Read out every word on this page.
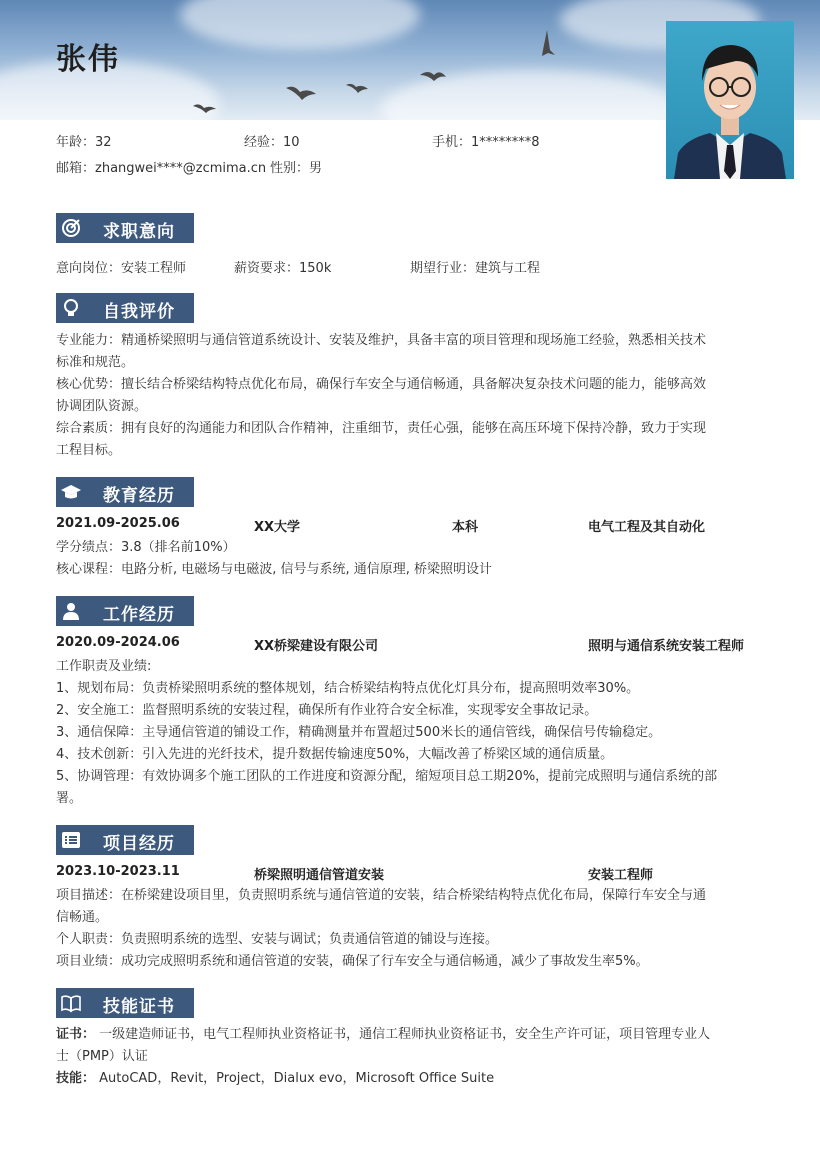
张伟
年龄：32	经验：10	手机：1********8
邮箱：zhangwei****@zcmima.cn 性别：男
求职意向
意向岗位：安装工程师	薪资要求：150k	期望行业：建筑与工程
自我评价
专业能力：精通桥梁照明与通信管道系统设计、安装及维护，具备丰富的项目管理和现场施工经验，熟悉相关技术
标准和规范。
核心优势：擅长结合桥梁结构特点优化布局，确保行车安全与通信畅通，具备解决复杂技术问题的能力，能够高效
协调团队资源。
综合素质：拥有良好的沟通能力和团队合作精神，注重细节，责任心强，能够在高压环境下保持冷静，致力于实现
工程目标。
教育经历
2021.09-2025.06	XX大学	本科	电气工程及其自动化
学分绩点：3.8（排名前10%）
核心课程：电路分析, 电磁场与电磁波, 信号与系统, 通信原理, 桥梁照明设计
工作经历
2020.09-2024.06	XX桥梁建设有限公司	照明与通信系统安装工程师
工作职责及业绩:
1、规划布局：负责桥梁照明系统的整体规划，结合桥梁结构特点优化灯具分布，提高照明效率30%。
2、安全施工：监督照明系统的安装过程，确保所有作业符合安全标准，实现零安全事故记录。
3、通信保障：主导通信管道的铺设工作，精确测量并布置超过500米长的通信管线，确保信号传输稳定。
4、技术创新：引入先进的光纤技术，提升数据传输速度50%，大幅改善了桥梁区域的通信质量。
5、协调管理：有效协调多个施工团队的工作进度和资源分配，缩短项目总工期20%，提前完成照明与通信系统的部
署。
项目经历
2023.10-2023.11	桥梁照明通信管道安装	安装工程师
项目描述：在桥梁建设项目里，负责照明系统与通信管道的安装，结合桥梁结构特点优化布局，保障行车安全与通
信畅通。
个人职责：负责照明系统的选型、安装与调试；负责通信管道的铺设与连接。
项目业绩：成功完成照明系统和通信管道的安装，确保了行车安全与通信畅通，减少了事故发生率5%。
技能证书
证书： 一级建造师证书，电气工程师执业资格证书，通信工程师执业资格证书，安全生产许可证，项目管理专业人
士（PMP）认证
技能： AutoCAD，Revit，Project，Dialux evo，Microsoft Office Suite
